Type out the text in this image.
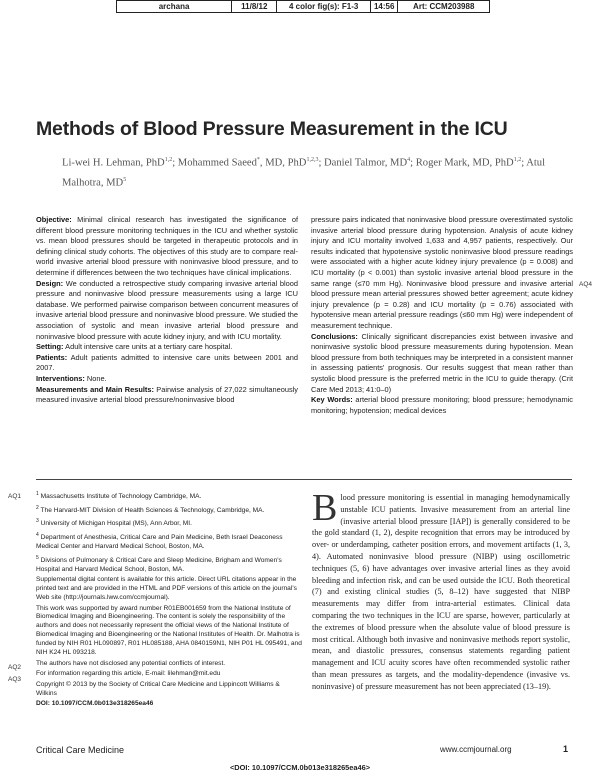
archana	11/8/12	4 color fig(s): F1-3	14:56	Art: CCM203988
Methods of Blood Pressure Measurement in the ICU
Li-wei H. Lehman, PhD$^{1,2}$; Mohammed Saeed*, MD, PhD$^{1,2,3}$; Daniel Talmor, $MD^4$; Roger Mark, MD, PhD$^{1,2}$; Atul Malhotra, $MD^5$

Objective: Minimal clinical research has investigated the significance of different blood pressure monitoring techniques in the ICU and whether systolic vs. mean blood pressures should be targeted in therapeutic protocols and in defining clinical study cohorts. The objectives of this study are to compare real-world invasive arterial blood pressure with noninvasive blood pressure, and to determine if differences between the two techniques have clinical implications.

Design: We conducted a retrospective study comparing invasive arterial blood pressure and noninvasive blood pressure measurements using a large ICU database. We performed pairwise comparison between concurrent measures of invasive arterial blood pressure and noninvasive blood pressure. We studied the association of systolic and mean invasive arterial blood pressure and noninvasive blood pressure with acute kidney injury, and with ICU mortality.

Setting: Adult intensive care units at a tertiary care hospital.

Patients: Adult patients admitted to intensive care units between 2001 and 2007.

Interventions: None.

Measurements and Main Results: Pairwise analysis of 27,022 simultaneously measured invasive arterial blood pressure/noninvasive blood

pressure pairs indicated that noninvasive blood pressure overestimated systolic invasive arterial blood pressure during hypotension. Analysis of acute kidney injury and ICU mortality involved 1,633 and 4,957 patients, respectively. Our results indicated that hypotensive systolic noninvasive blood pressure readings were associated with a higher acute kidney injury prevalence (p = 0.008) and ICU mortality (p < 0.001) than systolic invasive arterial blood pressure in the same range (≤70 mm Hg). Noninvasive blood pressure and invasive arterial blood pressure mean arterial pressures showed better agreement; acute kidney injury prevalence (p = 0.28) and ICU mortality (p = 0.76) associated with hypotensive mean arterial pressure readings (≤60 mm Hg) were independent of measurement technique.

Conclusions: Clinically significant discrepancies exist between invasive and noninvasive systolic blood pressure measurements during hypotension. Mean blood pressure from both techniques may be interpreted in a consistent manner in assessing patients' prognosis. Our results suggest that mean rather than systolic blood pressure is the preferred metric in the ICU to guide therapy. (Crit Care Med 2013; 41:0–0)

Key Words: arterial blood pressure monitoring; blood pressure; hemodynamic monitoring; hypotension; medical devices

AQ4
AQ1
AQ2
AQ3

$^1$ Massachusetts Institute of Technology Cambridge, MA.

$^2$ The Harvard-MIT Division of Health Sciences & Technology, Cambridge, MA.

$^3$ University of Michigan Hospital (MS), Ann Arbor, MI.

$^4$ Department of Anesthesia, Critical Care and Pain Medicine, Beth Israel Deaconess Medical Center and Harvard Medical School, Boston, MA.

$^5$ Divisions of Pulmonary & Critical Care and Sleep Medicine, Brigham and Women's Hospital and Harvard Medical School, Boston, MA.

Supplemental digital content is available for this article. Direct URL citations appear in the printed text and are provided in the HTML and PDF versions of this article on the journal's Web site (http://journals.lww.com/ccmjournal).

This work was supported by award number R01EB001659 from the National Institute of Biomedical Imaging and Bioengineering. The content is solely the responsibility of the authors and does not necessarily represent the official views of the National Institute of Biomedical Imaging and Bioengineering or the National Institutes of Health. Dr. Malhotra is funded by NIH R01 HL090897, R01 HL085188, AHA 0840159N1, NIH P01 HL 095491, and NIH K24 HL 093218.

The authors have not disclosed any potential conflicts of interest.

For information regarding this article, E-mail: lilehman@mit.edu

Copyright © 2013 by the Society of Critical Care Medicine and Lippincott Williams & Wilkins

DOI: 10.1097/CCM.0b013e318265ea46

Blood pressure monitoring is essential in managing hemodynamically unstable ICU patients. Invasive measurement from an arterial line (invasive arterial blood pressure [IAP]) is generally considered to be the gold standard (1, 2), despite recognition that errors may be introduced by over- or underdamping, catheter position errors, and movement artifacts (1, 3, 4). Automated noninvasive blood pressure (NIBP) using oscillometric techniques (5, 6) have advantages over invasive arterial lines as they avoid bleeding and infection risk, and can be used outside the ICU. Both theoretical (7) and existing clinical studies (5, 8–12) have suggested that NIBP measurements may differ from intra-arterial estimates. Clinical data comparing the two techniques in the ICU are sparse, however, particularly at the extremes of blood pressure when the absolute value of blood pressure is most critical. Although both invasive and noninvasive methods report systolic, mean, and diastolic pressures, consensus statements regarding patient management and ICU acuity scores have often recommended systolic rather than mean pressures as targets, and the modality-dependence (invasive vs. noninvasive) of pressure measurement has not been appreciated (13–19).
Critical Care Medicine	www.ccmjournal.org	1
<DOI: 10.1097/CCM.0b013e318265ea46>
